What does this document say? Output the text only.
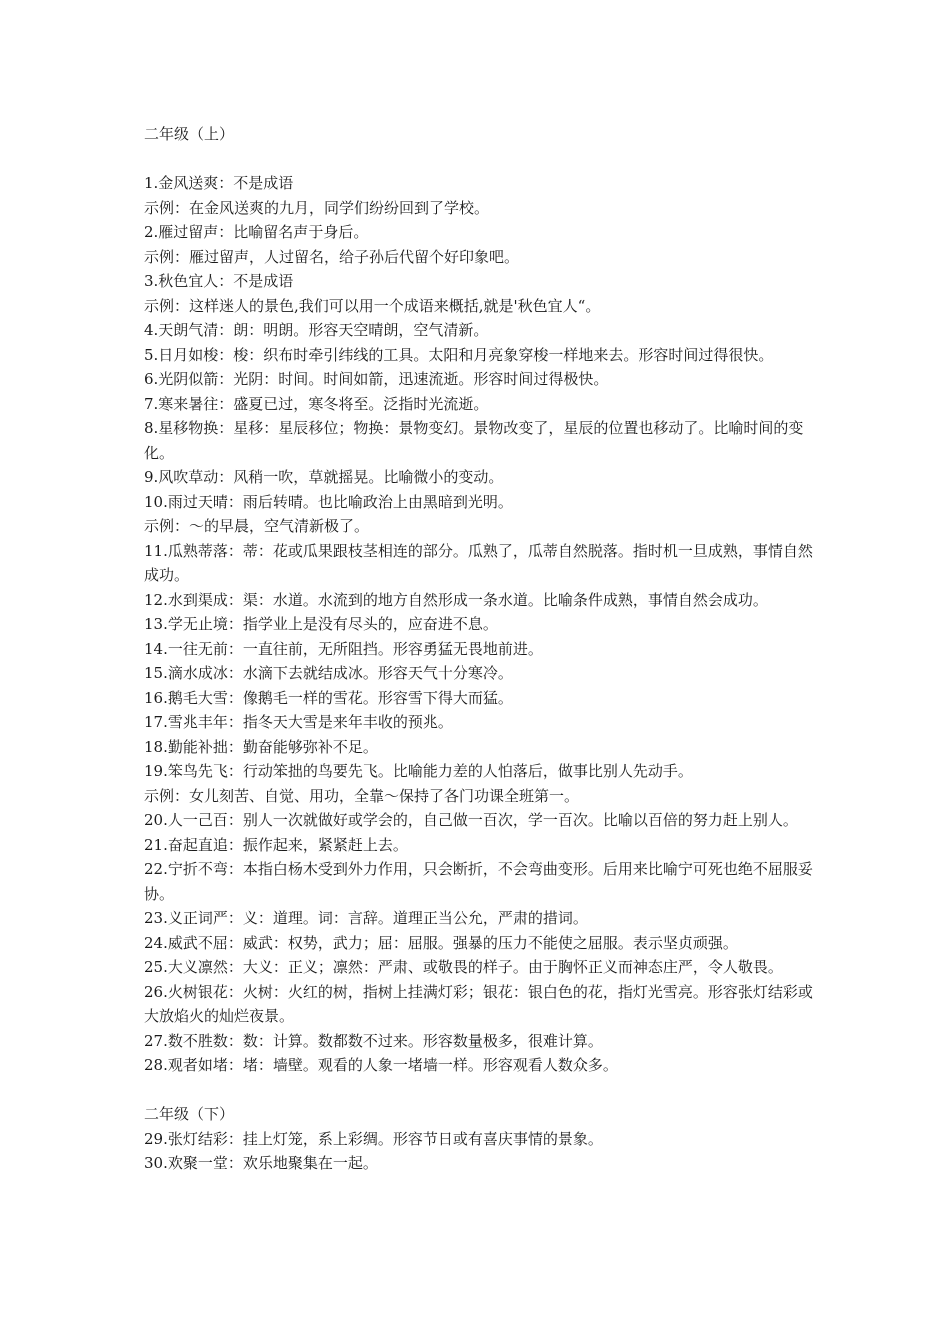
二年级（上）

1.金风送爽：不是成语
示例：在金风送爽的九月，同学们纷纷回到了学校。
2.雁过留声：比喻留名声于身后。
示例：雁过留声，人过留名，给子孙后代留个好印象吧。
3.秋色宜人：不是成语
示例：这样迷人的景色,我们可以用一个成语来概括,就是'秋色宜人“。
4.天朗气清：朗：明朗。形容天空晴朗，空气清新。
5.日月如梭：梭：织布时牵引纬线的工具。太阳和月亮象穿梭一样地来去。形容时间过得很快。
6.光阴似箭：光阴：时间。时间如箭，迅速流逝。形容时间过得极快。
7.寒来暑往：盛夏已过，寒冬将至。泛指时光流逝。
8.星移物换：星移：星辰移位；物换：景物变幻。景物改变了，星辰的位置也移动了。比喻时间的变化。
9.风吹草动：风稍一吹，草就摇晃。比喻微小的变动。
10.雨过天晴：雨后转晴。也比喻政治上由黑暗到光明。
示例：～的早晨，空气清新极了。
11.瓜熟蒂落：蒂：花或瓜果跟枝茎相连的部分。瓜熟了，瓜蒂自然脱落。指时机一旦成熟，事情自然成功。
12.水到渠成：渠：水道。水流到的地方自然形成一条水道。比喻条件成熟，事情自然会成功。
13.学无止境：指学业上是没有尽头的，应奋进不息。
14.一往无前：一直往前，无所阻挡。形容勇猛无畏地前进。
15.滴水成冰：水滴下去就结成冰。形容天气十分寒冷。
16.鹅毛大雪：像鹅毛一样的雪花。形容雪下得大而猛。
17.雪兆丰年：指冬天大雪是来年丰收的预兆。
18.勤能补拙：勤奋能够弥补不足。
19.笨鸟先飞：行动笨拙的鸟要先飞。比喻能力差的人怕落后，做事比别人先动手。
示例：女儿刻苦、自觉、用功，全靠～保持了各门功课全班第一。
20.人一己百：别人一次就做好或学会的，自己做一百次，学一百次。比喻以百倍的努力赶上别人。
21.奋起直追：振作起来，紧紧赶上去。
22.宁折不弯：本指白杨木受到外力作用，只会断折，不会弯曲变形。后用来比喻宁可死也绝不屈服妥协。
23.义正词严：义：道理。词：言辞。道理正当公允，严肃的措词。
24.威武不屈：威武：权势，武力；屈：屈服。强暴的压力不能使之屈服。表示坚贞顽强。
25.大义凛然：大义：正义；凛然：严肃、或敬畏的样子。由于胸怀正义而神态庄严，令人敬畏。
26.火树银花：火树：火红的树，指树上挂满灯彩；银花：银白色的花，指灯光雪亮。形容张灯结彩或大放焰火的灿烂夜景。
27.数不胜数：数：计算。数都数不过来。形容数量极多，很难计算。
28.观者如堵：堵：墙壁。观看的人象一堵墙一样。形容观看人数众多。

二年级（下）

29.张灯结彩：挂上灯笼，系上彩绸。形容节日或有喜庆事情的景象。
30.欢聚一堂：欢乐地聚集在一起。
